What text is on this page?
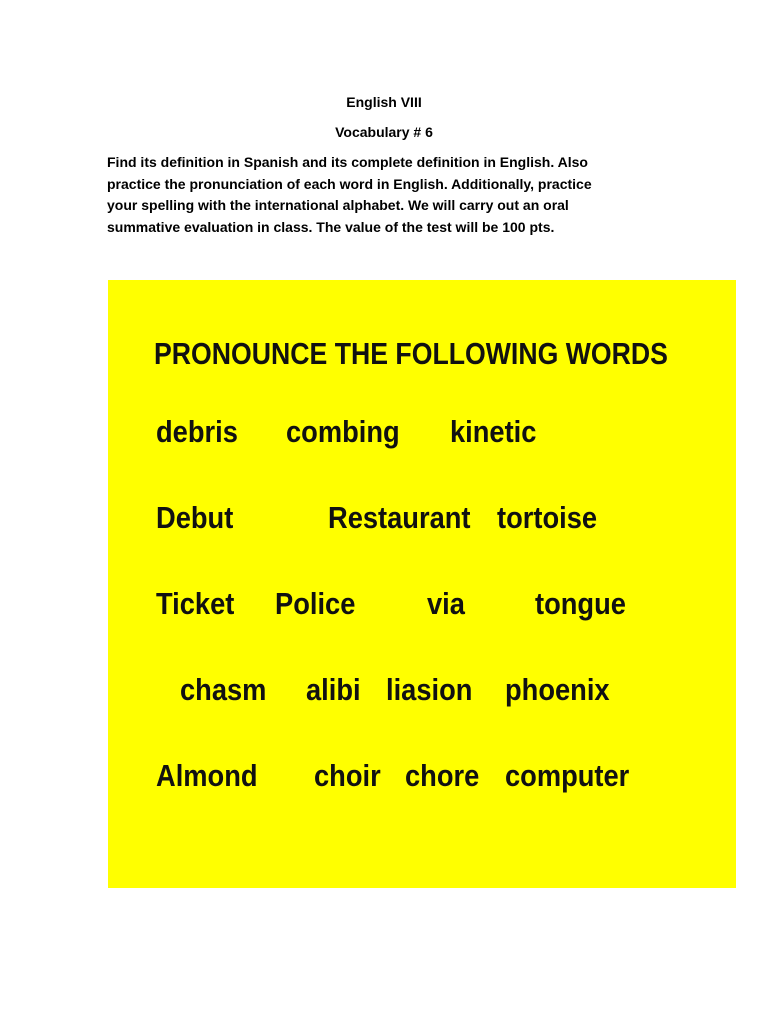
English VIII
Vocabulary # 6
Find its definition in Spanish and its complete definition in English. Also
practice the pronunciation of each word in English. Additionally, practice
your spelling with the international alphabet. We will carry out an oral
summative evaluation in class. The value of the test will be 100 pts.
PRONOUNCE THE FOLLOWING WORDS
debris combing kinetic
Debut	Restaurant tortoise
Ticket Police via tongue
chasm alibi liasion phoenix
Almond choir chore computer
